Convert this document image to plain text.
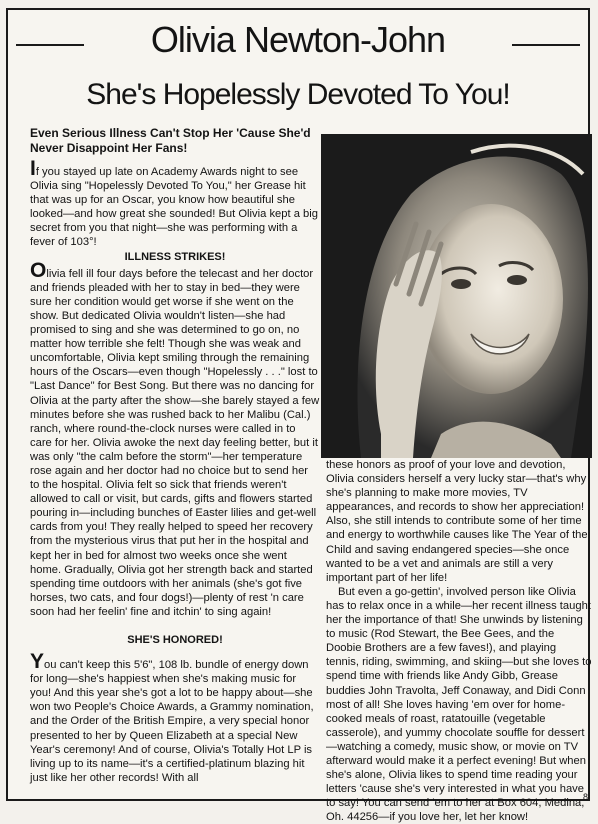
Olivia Newton-John
She's Hopelessly Devoted To You!

Even Serious Illness Can't Stop Her 'Cause She'd Never Disappoint Her Fans!

If you stayed up late on Academy Awards night to see Olivia sing "Hopelessly Devoted To You," her Grease hit that was up for an Oscar, you know how beautiful she looked—and how great she sounded! But Olivia kept a big secret from you that night—she was performing with a fever of 103°!

ILLNESS STRIKES!

Olivia fell ill four days before the telecast and her doctor and friends pleaded with her to stay in bed—they were sure her condition would get worse if she went on the show. But dedicated Olivia wouldn't listen—she had promised to sing and she was determined to go on, no matter how terrible she felt! Though she was weak and uncomfortable, Olivia kept smiling through the remaining hours of the Oscars—even though "Hopelessly . . ." lost to "Last Dance" for Best Song. But there was no dancing for Olivia at the party after the show—she barely stayed a few minutes before she was rushed back to her Malibu (Cal.) ranch, where round-the-clock nurses were called in to care for her. Olivia awoke the next day feeling better, but it was only "the calm before the storm"—her temperature rose again and her doctor had no choice but to send her to the hospital. Olivia felt so sick that friends weren't allowed to call or visit, but cards, gifts and flowers started pouring in—including bunches of Easter lilies and get-well cards from you! They really helped to speed her recovery from the mysterious virus that put her in the hospital and kept her in bed for almost two weeks once she went home. Gradually, Olivia got her strength back and started spending time outdoors with her animals (she's got five horses, two cats, and four dogs!)—plenty of rest 'n care soon had her feelin' fine and itchin' to sing again!

SHE'S HONORED!

You can't keep this 5'6", 108 lb. bundle of energy down for long—she's happiest when she's making music for you! And this year she's got a lot to be happy about—she won two People's Choice Awards, a Grammy nomination, and the Order of the British Empire, a very special honor presented to her by Queen Elizabeth at a special New Year's ceremony! And of course, Olivia's Totally Hot LP is living up to its name—it's a certified-platinum blazing hit just like her other records! With all

these honors as proof of your love and devotion, Olivia considers herself a very lucky star—that's why she's planning to make more movies, TV appearances, and records to show her appreciation! Also, she still intends to contribute some of her time and energy to worthwhile causes like The Year of the Child and saving endangered species—she once wanted to be a vet and animals are still a very important part of her life!

But even a go-gettin', involved person like Olivia has to relax once in a while—her recent illness taught her the importance of that! She unwinds by listening to music (Rod Stewart, the Bee Gees, and the Doobie Brothers are a few faves!), and playing tennis, riding, swimming, and skiing—but she loves to spend time with friends like Andy Gibb, Grease buddies John Travolta, Jeff Conaway, and Didi Conn most of all! She loves having 'em over for home-cooked meals of roast, ratatouille (vegetable casserole), and yummy chocolate souffle for dessert—watching a comedy, music show, or movie on TV afterward would make it a perfect evening! But when she's alone, Olivia likes to spend time reading your letters 'cause she's very interested in what you have to say! You can send 'em to her at Box 604, Medina, Oh. 44256—if you love her, let her know!

8
